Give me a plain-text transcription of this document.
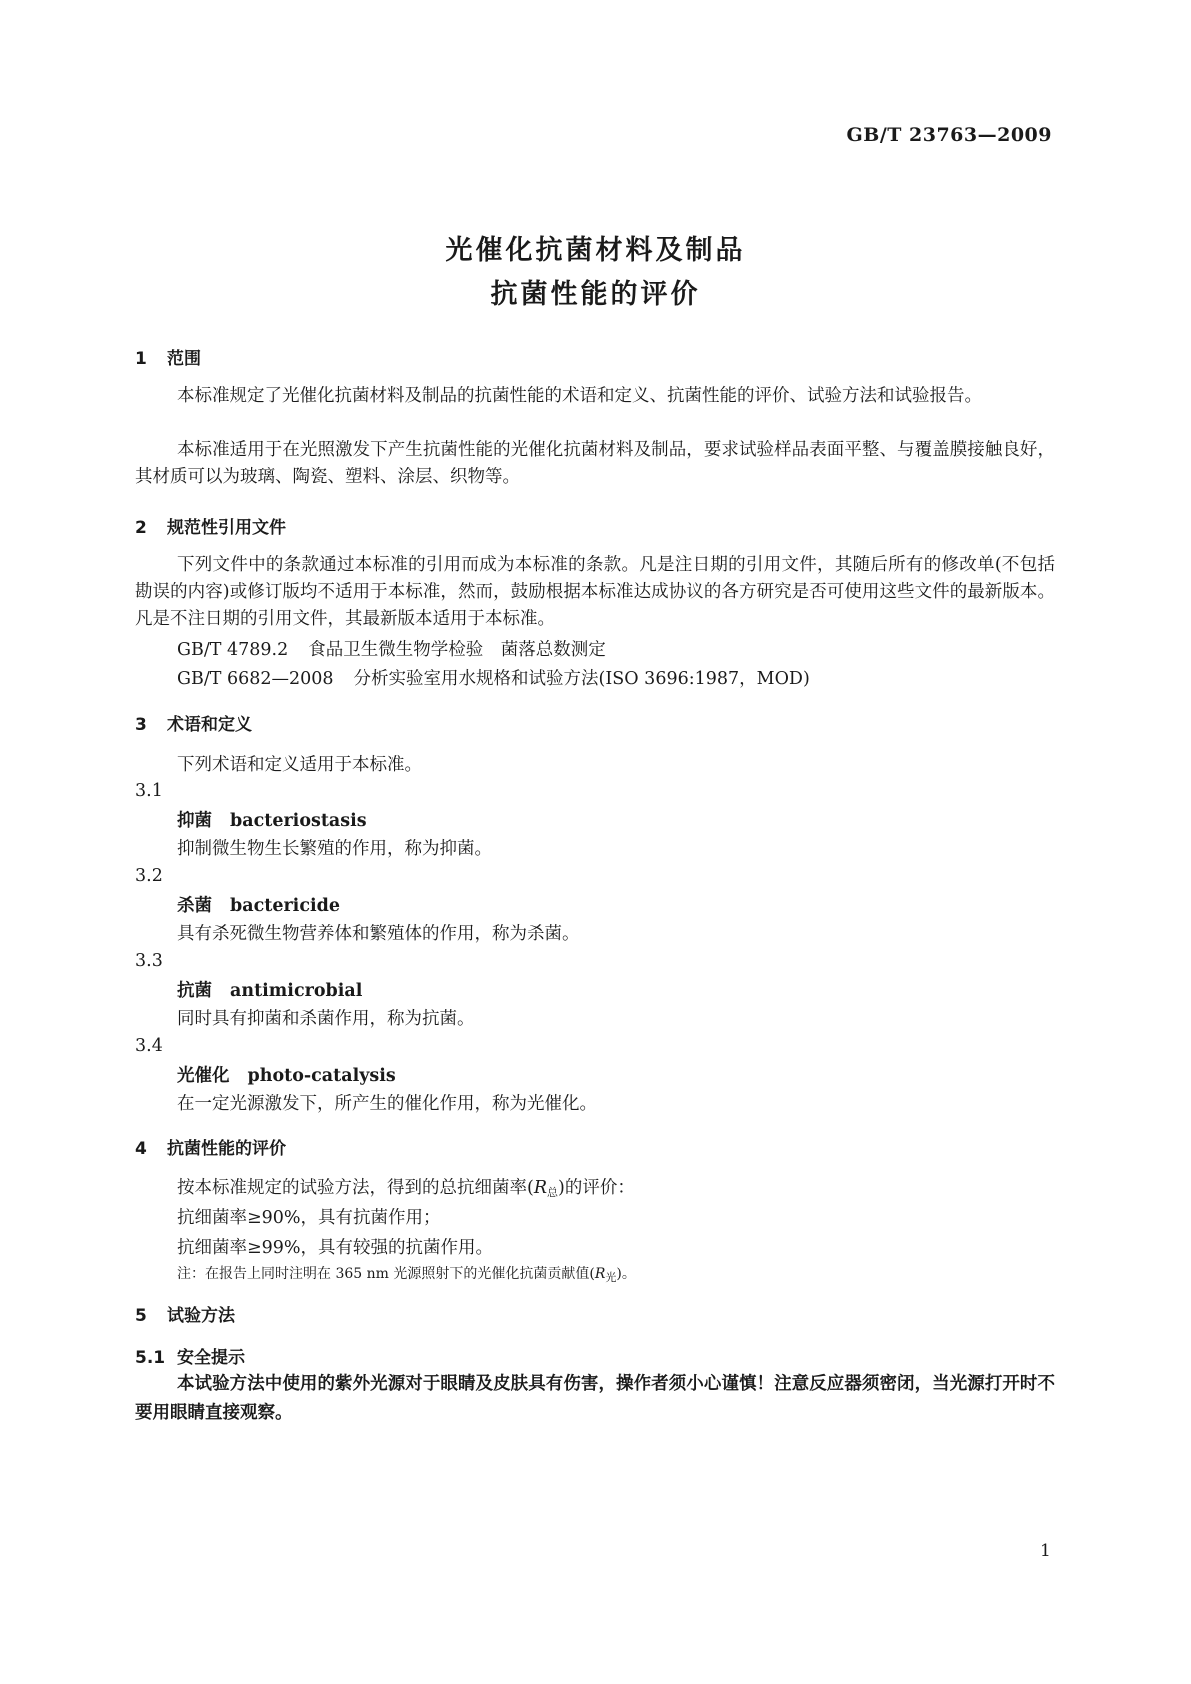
GB/T 23763—2009
光催化抗菌材料及制品
抗菌性能的评价
1 范围
本标准规定了光催化抗菌材料及制品的抗菌性能的术语和定义、抗菌性能的评价、试验方法和试验报告。
本标准适用于在光照激发下产生抗菌性能的光催化抗菌材料及制品，要求试验样品表面平整、与覆盖膜接触良好，其材质可以为玻璃、陶瓷、塑料、涂层、织物等。
2 规范性引用文件
下列文件中的条款通过本标准的引用而成为本标准的条款。凡是注日期的引用文件，其随后所有的修改单(不包括勘误的内容)或修订版均不适用于本标准，然而，鼓励根据本标准达成协议的各方研究是否可使用这些文件的最新版本。凡是不注日期的引用文件，其最新版本适用于本标准。
GB/T 4789.2 食品卫生微生物学检验　菌落总数测定
GB/T 6682—2008 分析实验室用水规格和试验方法(ISO 3696:1987，MOD)
3 术语和定义
下列术语和定义适用于本标准。
3.1
抑菌 bacteriostasis
抑制微生物生长繁殖的作用，称为抑菌。
3.2
杀菌 bactericide
具有杀死微生物营养体和繁殖体的作用，称为杀菌。
3.3
抗菌 antimicrobial
同时具有抑菌和杀菌作用，称为抗菌。
3.4
光催化 photo-catalysis
在一定光源激发下，所产生的催化作用，称为光催化。
4 抗菌性能的评价
按本标准规定的试验方法，得到的总抗细菌率$(R_总)$的评价：
抗细菌率≥90%，具有抗菌作用；
抗细菌率≥99%，具有较强的抗菌作用。
注：在报告上同时注明在 365 nm 光源照射下的光催化抗菌贡献值$(R_光)$。
5 试验方法
5.1 安全提示
本试验方法中使用的紫外光源对于眼睛及皮肤具有伤害，操作者须小心谨慎！注意反应器须密闭，当光源打开时不要用眼睛直接观察。
1
